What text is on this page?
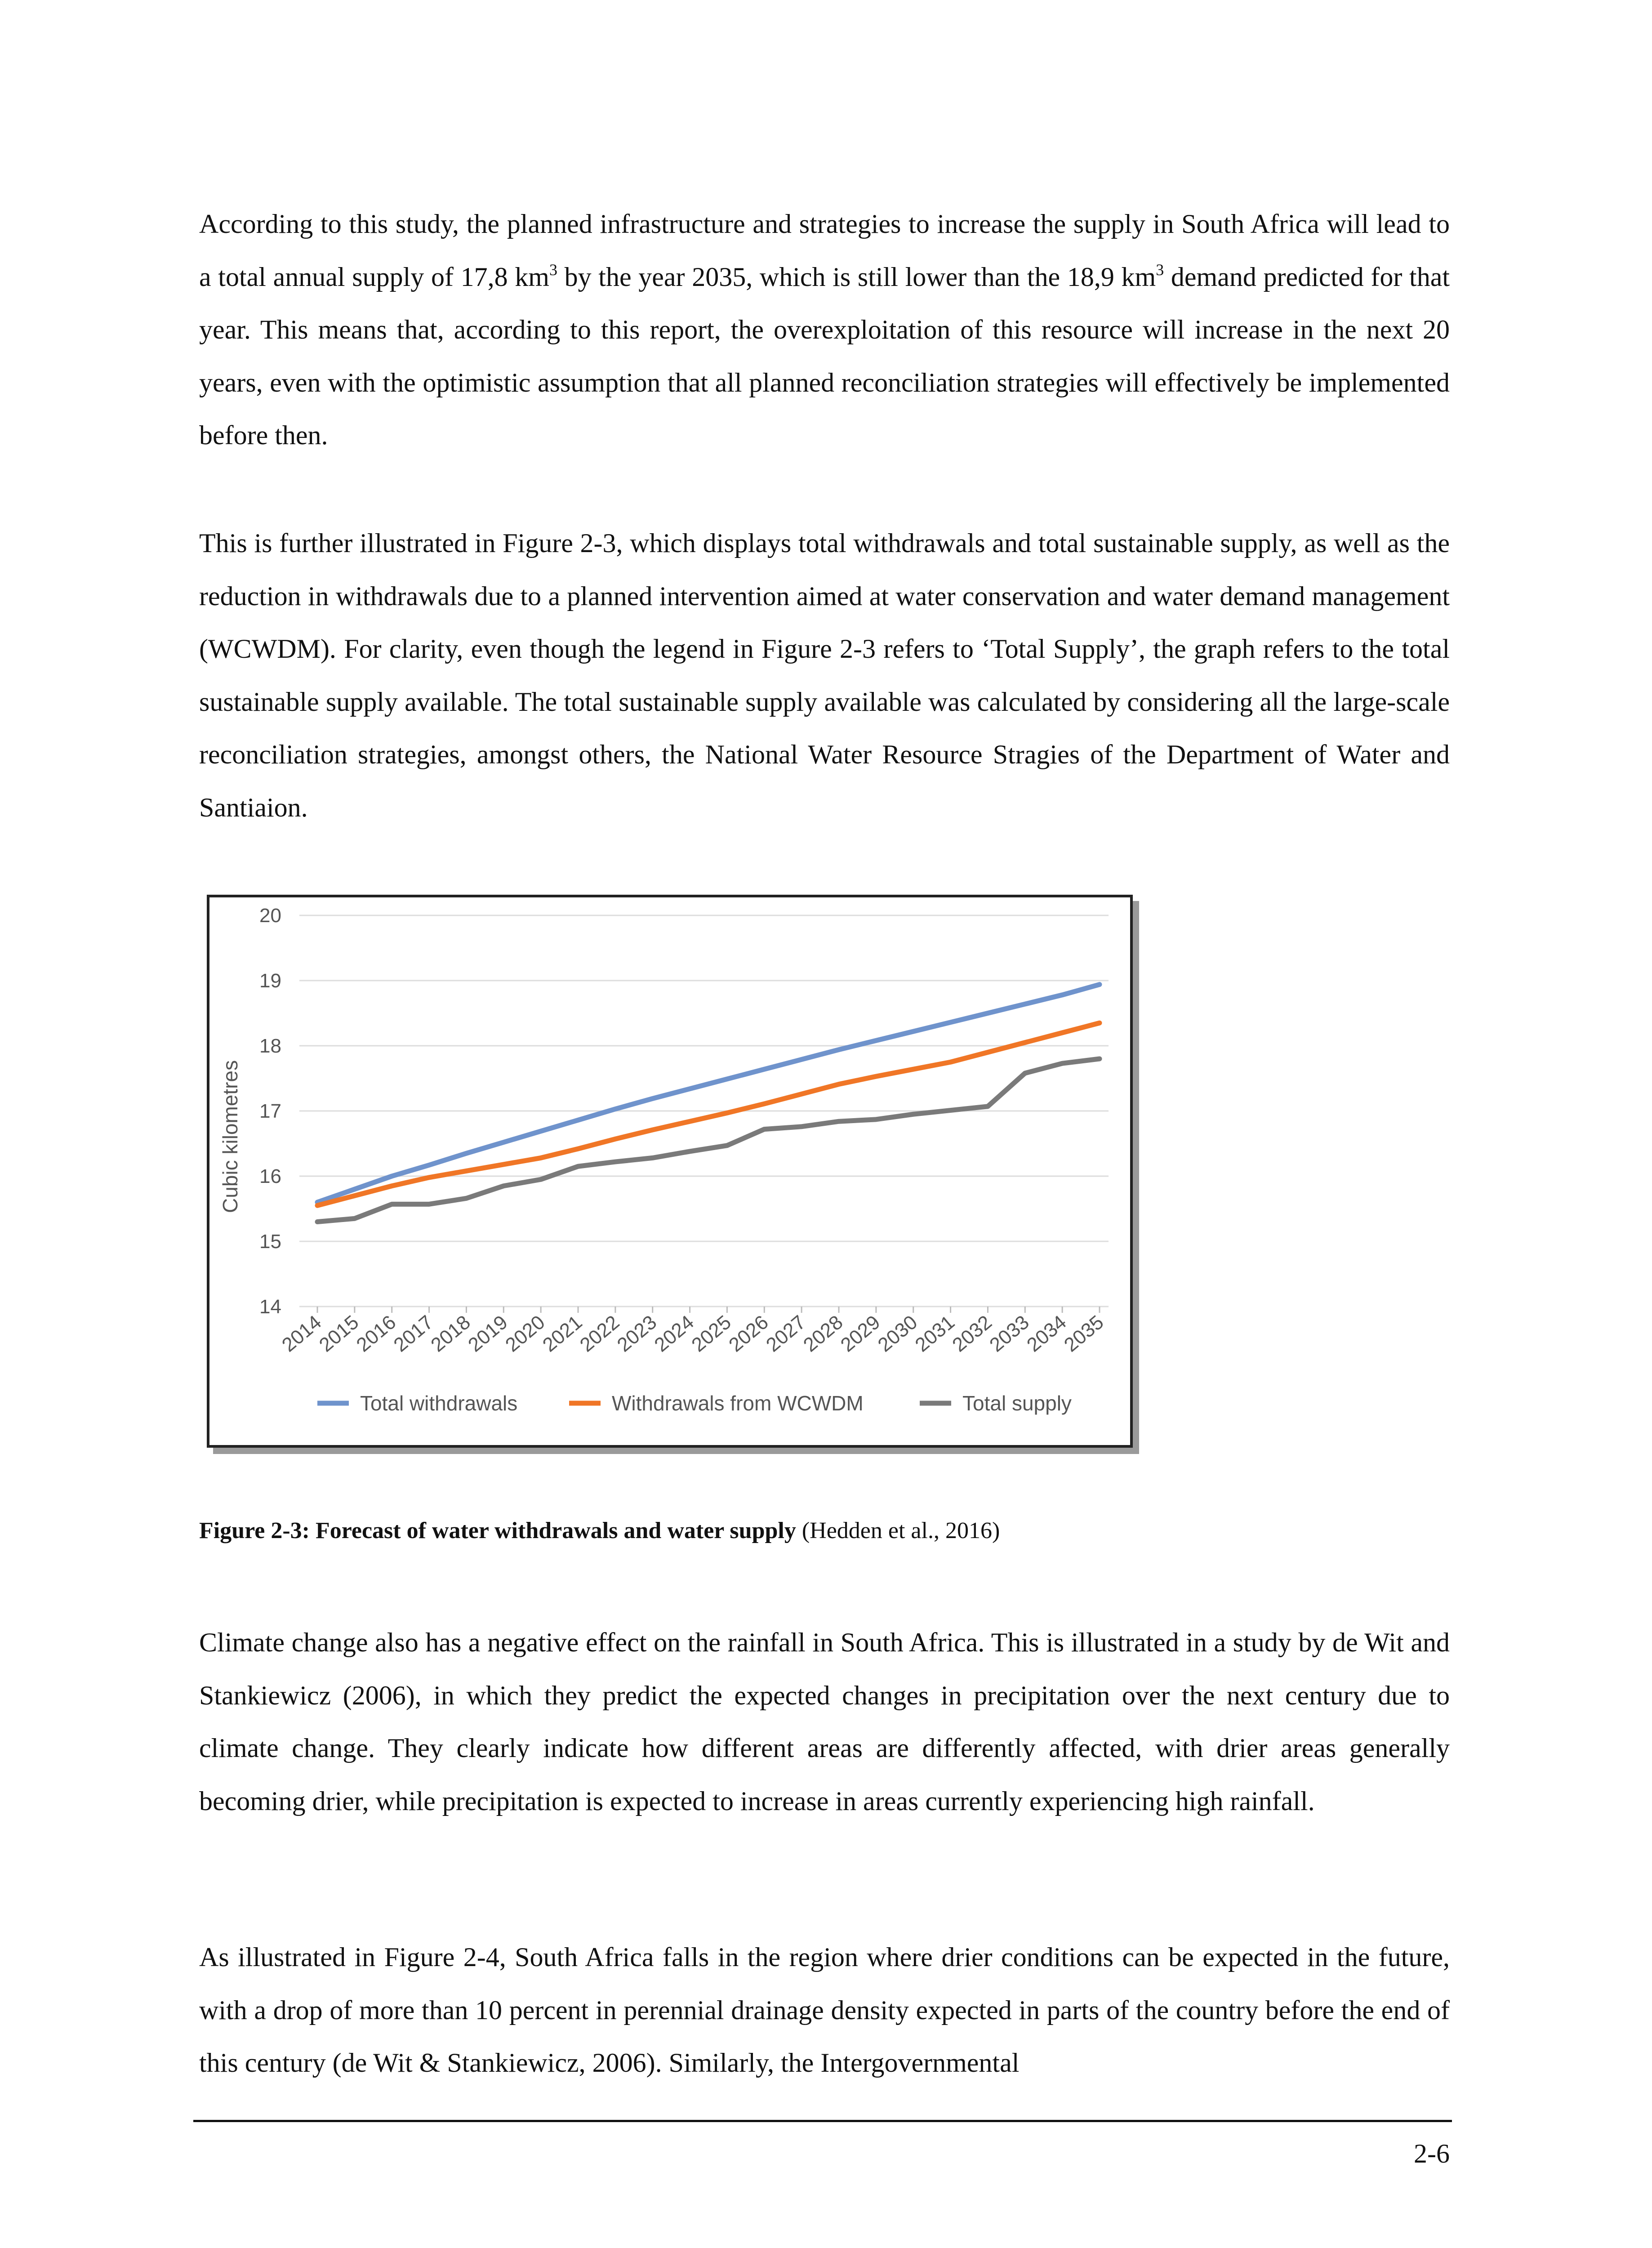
According to this study, the planned infrastructure and strategies to increase the supply in South Africa will lead to a total annual supply of 17,8 $km^3$ by the year 2035, which is still lower than the 18,9 $km^3$ demand predicted for that year. This means that, according to this report, the overexploitation of this resource will increase in the next 20 years, even with the optimistic assumption that all planned reconciliation strategies will effectively be implemented before then.

This is further illustrated in Figure 2-3, which displays total withdrawals and total sustainable supply, as well as the reduction in withdrawals due to a planned intervention aimed at water conservation and water demand management (WCWDM). For clarity, even though the legend in Figure 2-3 refers to ‘Total Supply’, the graph refers to the total sustainable supply available. The total sustainable supply available was calculated by considering all the large-scale reconciliation strategies, amongst others, the National Water Resource Stragies of the Department of Water and Santiaion.

14
15
16
17
18
19
20
2014
2015
2016
2017
2018
2019
2020
2021
2022
2023
2024
2025
2026
2027
2028
2029
2030
2031
2032
2033
2034
2035
Cubic kilometres
Total withdrawals	Withdrawals from WCWDM	Total supply

Figure 2-3: Forecast of water withdrawals and water supply (Hedden et al., 2016)

Climate change also has a negative effect on the rainfall in South Africa. This is illustrated in a study by de Wit and Stankiewicz (2006), in which they predict the expected changes in precipitation over the next century due to climate change. They clearly indicate how different areas are differently affected, with drier areas generally becoming drier, while precipitation is expected to increase in areas currently experiencing high rainfall.

As illustrated in Figure 2-4, South Africa falls in the region where drier conditions can be expected in the future, with a drop of more than 10 percent in perennial drainage density expected in parts of the country before the end of this century (de Wit & Stankiewicz, 2006). Similarly, the Intergovernmental

2-6
